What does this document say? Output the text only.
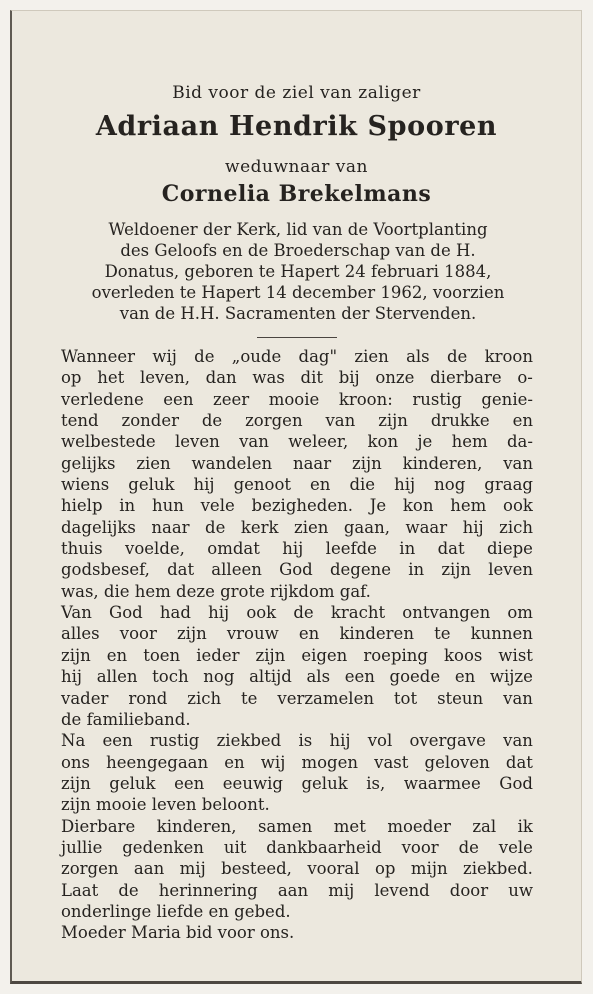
Bid voor de ziel van zaliger
Adriaan Hendrik Spooren
weduwnaar van
Cornelia Brekelmans
Weldoener der Kerk, lid van de Voortplanting
des Geloofs en de Broederschap van de H.
Donatus, geboren te Hapert 24 februari 1884,
overleden te Hapert 14 december 1962, voorzien
van de H.H. Sacramenten der Stervenden.
Wanneer wij de „oude dag" zien als de kroon
op het leven, dan was dit bij onze dierbare o-
verledene een zeer mooie kroon: rustig genie-
tend zonder de zorgen van zijn drukke en
welbestede leven van weleer, kon je hem da-
gelijks zien wandelen naar zijn kinderen, van
wiens geluk hij genoot en die hij nog graag
hielp in hun vele bezigheden. Je kon hem ook
dagelijks naar de kerk zien gaan, waar hij zich
thuis voelde, omdat hij leefde in dat diepe
godsbesef, dat alleen God degene in zijn leven
was, die hem deze grote rijkdom gaf.
Van God had hij ook de kracht ontvangen om
alles voor zijn vrouw en kinderen te kunnen
zijn en toen ieder zijn eigen roeping koos wist
hij allen toch nog altijd als een goede en wijze
vader rond zich te verzamelen tot steun van
de familieband.
Na een rustig ziekbed is hij vol overgave van
ons heengegaan en wij mogen vast geloven dat
zijn geluk een eeuwig geluk is, waarmee God
zijn mooie leven beloont.
Dierbare kinderen, samen met moeder zal ik
jullie gedenken uit dankbaarheid voor de vele
zorgen aan mij besteed, vooral op mijn ziekbed.
Laat de herinnering aan mij levend door uw
onderlinge liefde en gebed.
Moeder Maria bid voor ons.
